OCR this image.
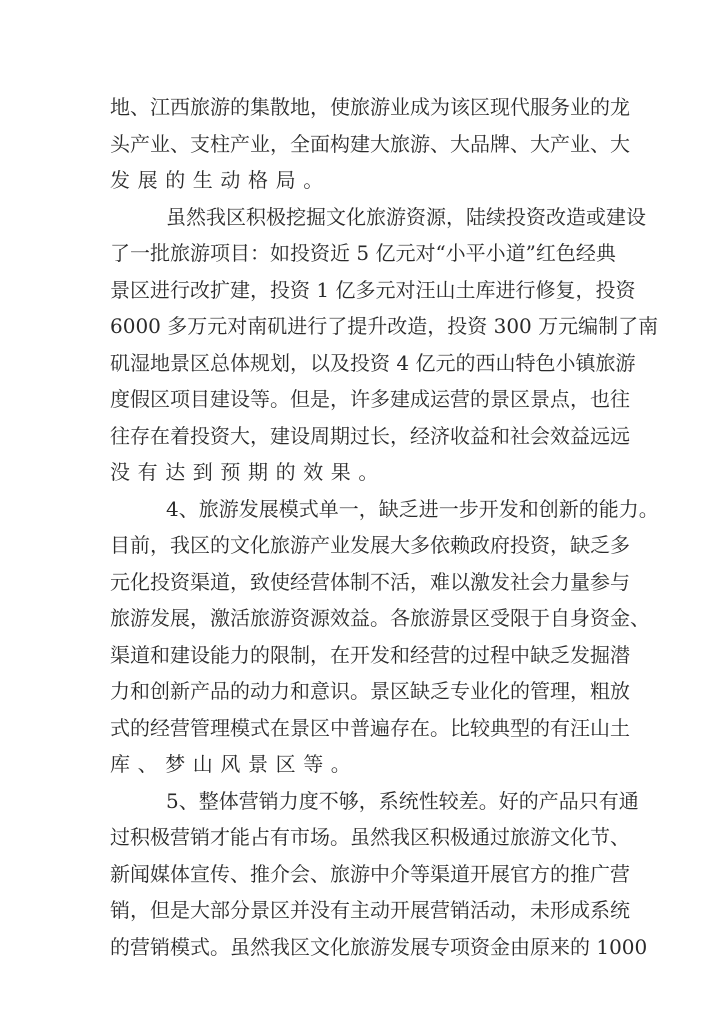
地、江西旅游的集散地，使旅游业成为该区现代服务业的龙
头产业、支柱产业，全面构建大旅游、大品牌、大产业、大
发展的生动格局。
虽然我区积极挖掘文化旅游资源，陆续投资改造或建设
了一批旅游项目：如投资近 5 亿元对“小平小道”红色经典
景区进行改扩建，投资 1 亿多元对汪山土库进行修复，投资
6000 多万元对南矶进行了提升改造，投资 300 万元编制了南
矶湿地景区总体规划，以及投资 4 亿元的西山特色小镇旅游
度假区项目建设等。但是，许多建成运营的景区景点，也往
往存在着投资大，建设周期过长，经济收益和社会效益远远
没有达到预期的效果。
4、旅游发展模式单一，缺乏进一步开发和创新的能力。
目前，我区的文化旅游产业发展大多依赖政府投资，缺乏多
元化投资渠道，致使经营体制不活，难以激发社会力量参与
旅游发展，激活旅游资源效益。各旅游景区受限于自身资金、
渠道和建设能力的限制，在开发和经营的过程中缺乏发掘潜
力和创新产品的动力和意识。景区缺乏专业化的管理，粗放
式的经营管理模式在景区中普遍存在。比较典型的有汪山土
库、梦山风景区等。
5、整体营销力度不够，系统性较差。好的产品只有通
过积极营销才能占有市场。虽然我区积极通过旅游文化节、
新闻媒体宣传、推介会、旅游中介等渠道开展官方的推广营
销，但是大部分景区并没有主动开展营销活动，未形成系统
的营销模式。虽然我区文化旅游发展专项资金由原来的 1000
